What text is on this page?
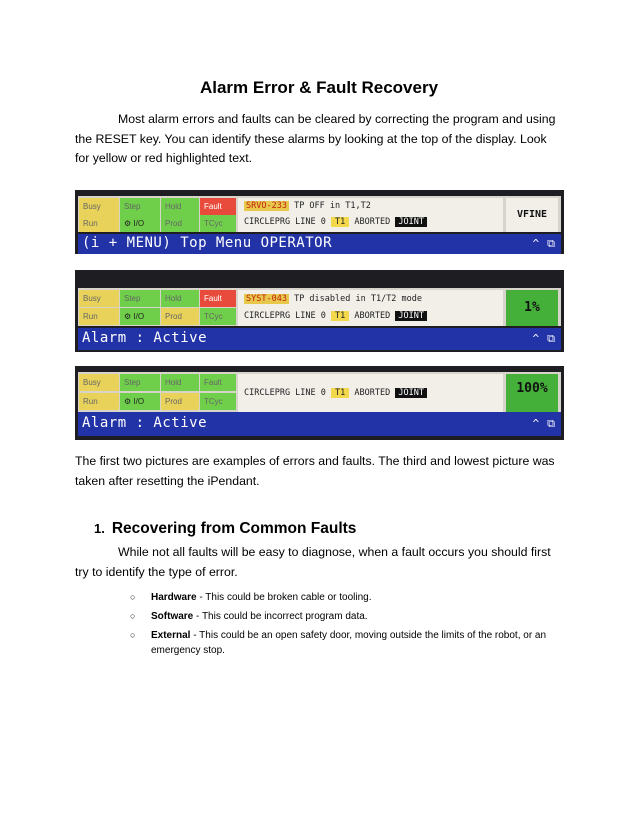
Alarm Error & Fault Recovery

Most alarm errors and faults can be cleared by correcting the program and using the RESET key. You can identify these alarms by looking at the top of the display. Look for yellow or red highlighted text.

Busy	Step	Hold	Fault
Run	⚙ I/O	Prod	TCyc
SRVO-233 TP OFF in T1,T2
CIRCLEPRG LINE 0 T1 ABORTED JOINT
VFINE
(i + MENU) Top Menu OPERATOR	^ ⧉
Busy	Step	Hold	Fault
Run	⚙ I/O	Prod	TCyc
SYST-043 TP disabled in T1/T2 mode
CIRCLEPRG LINE 0 T1 ABORTED JOINT
1%
Alarm : Active	^ ⧉
Busy	Step	Hold	Fault
Run	⚙ I/O	Prod	TCyc
CIRCLEPRG LINE 0 T1 ABORTED JOINT	100%
Alarm : Active	^ ⧉

The first two pictures are examples of errors and faults. The third and lowest picture was taken after resetting the iPendant.

1. Recovering from Common Faults

While not all faults will be easy to diagnose, when a fault occurs you should first try to identify the type of error.

○ Hardware - This could be broken cable or tooling.
○ Software - This could be incorrect program data.
○ External - This could be an open safety door, moving outside the limits of the robot, or an emergency stop.
